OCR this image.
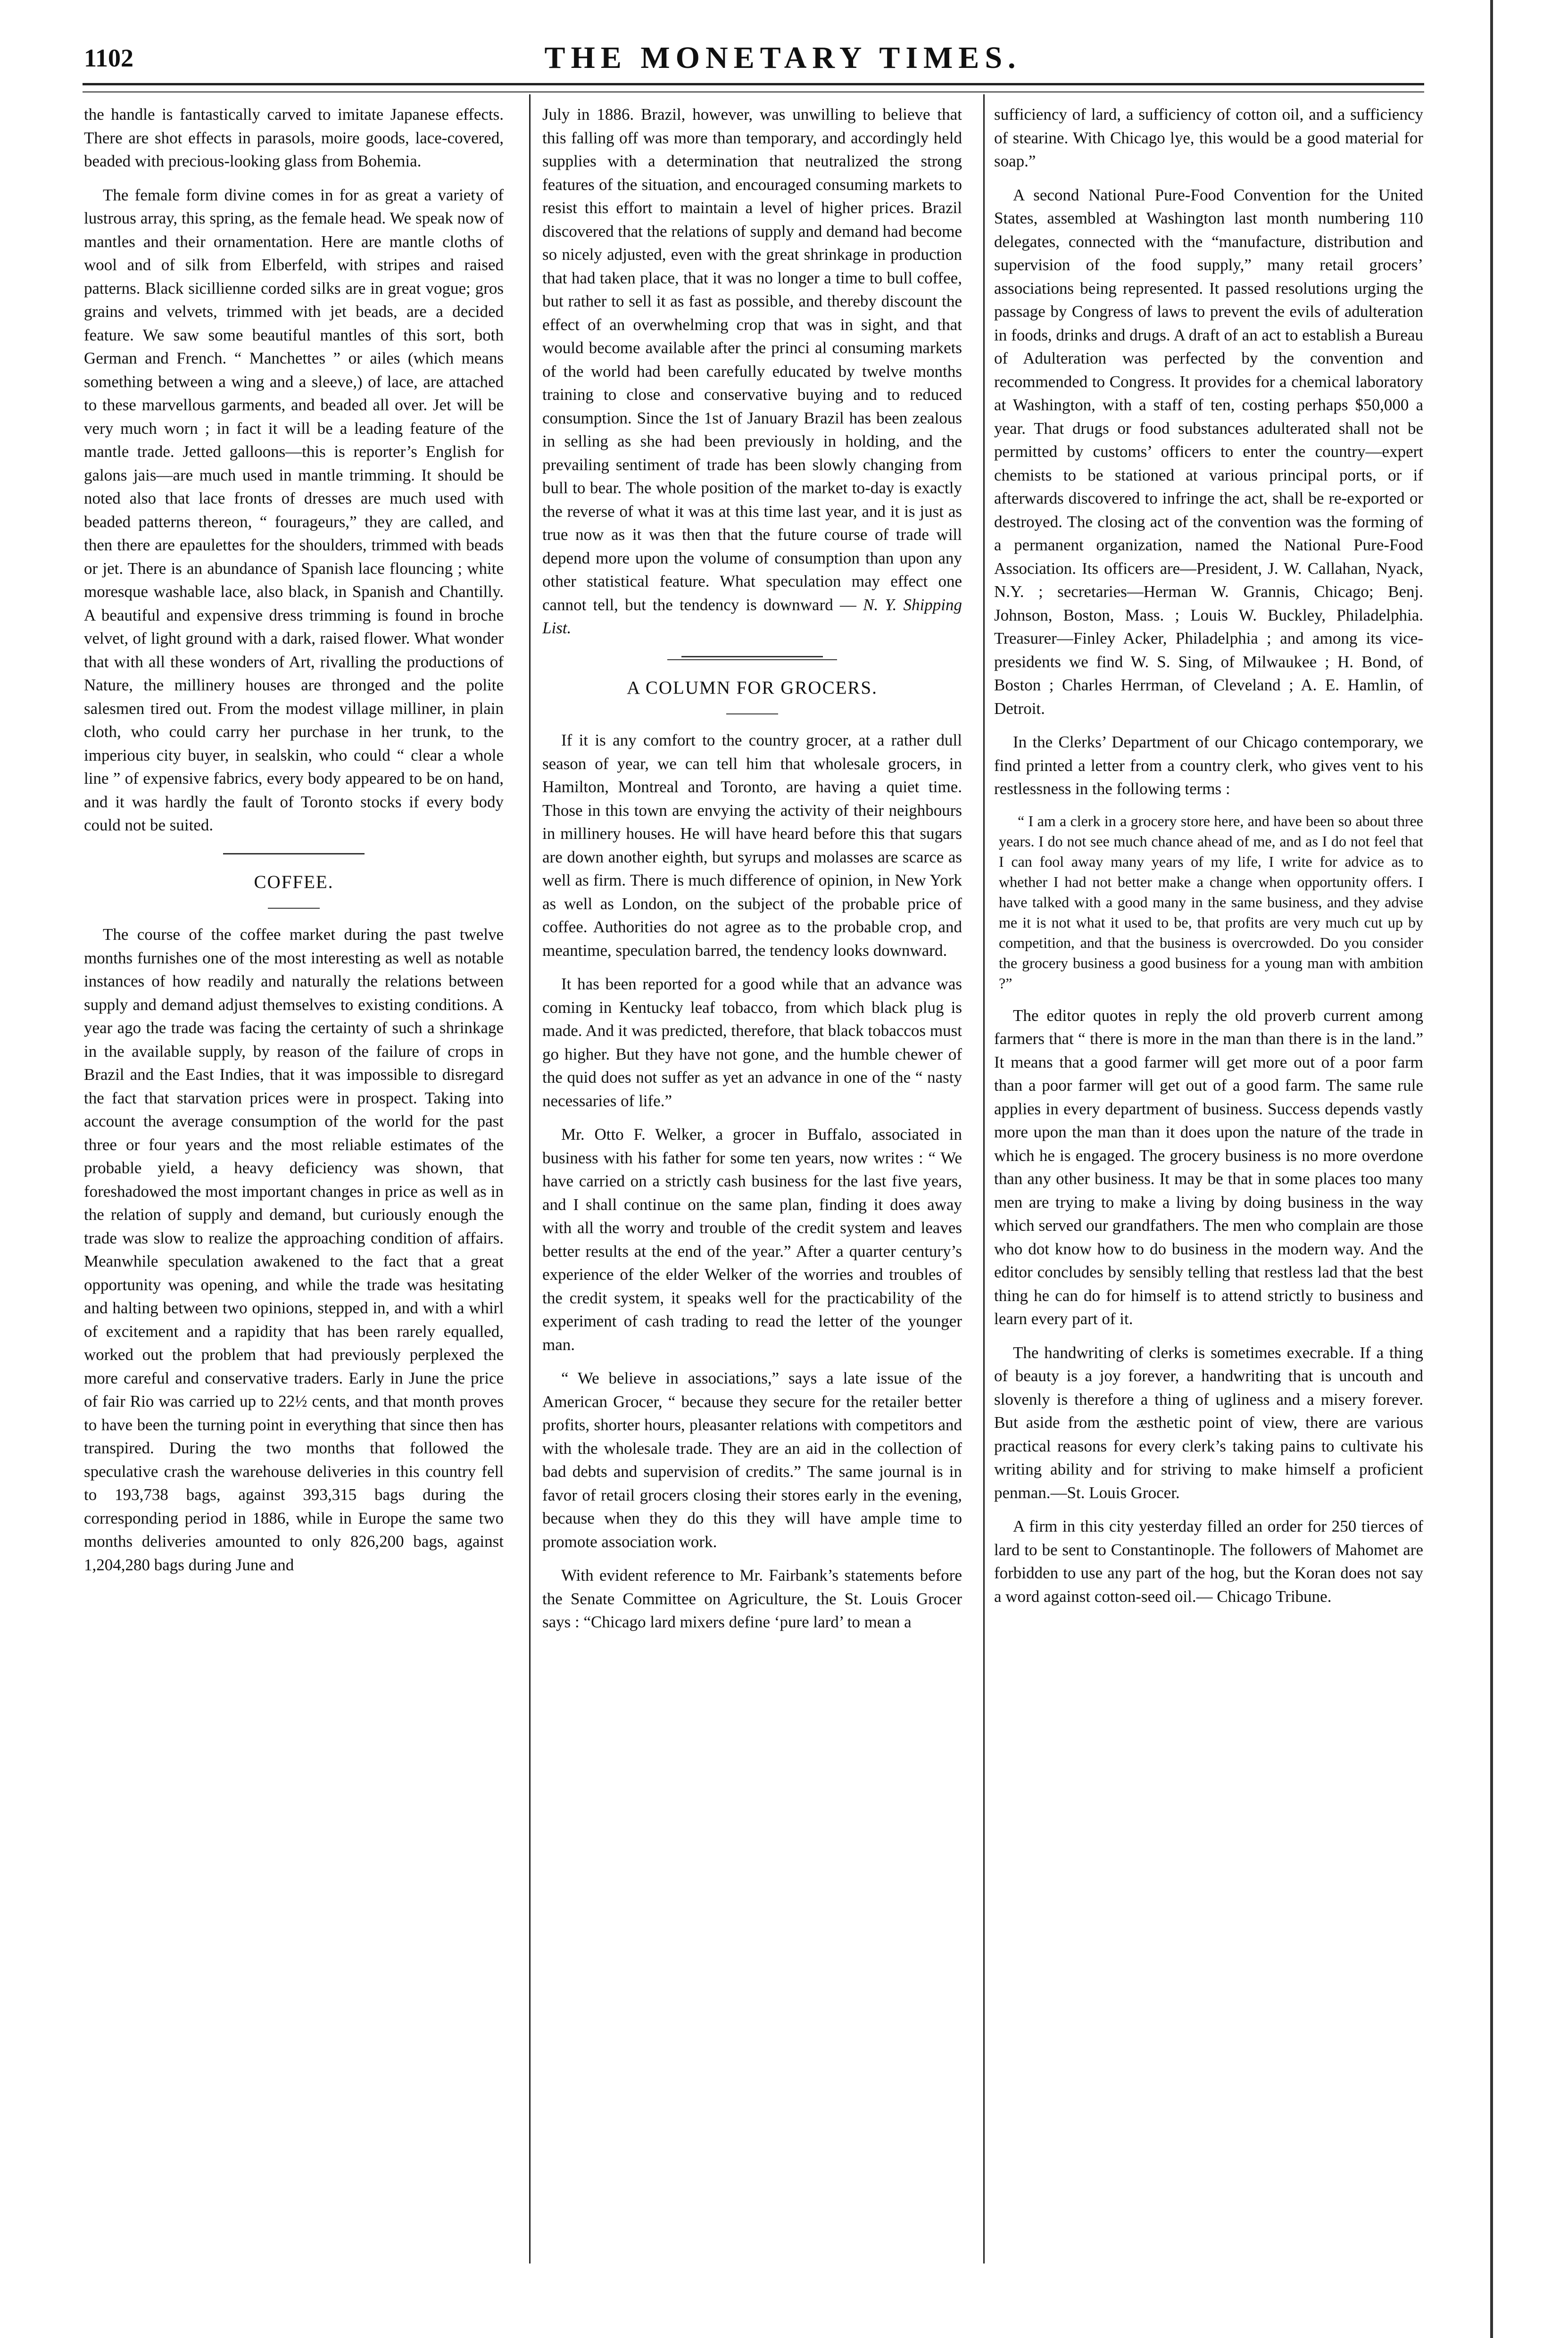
1102	THE MONETARY TIMES.

the handle is fantastically carved to imitate Japanese effects. There are shot effects in parasols, moire goods, lace-covered, beaded with precious-looking glass from Bohemia.

The female form divine comes in for as great a variety of lustrous array, this spring, as the female head. We speak now of mantles and their ornamentation. Here are mantle cloths of wool and of silk from Elberfeld, with stripes and raised patterns. Black sicillienne corded silks are in great vogue; gros grains and velvets, trimmed with jet beads, are a decided feature. We saw some beautiful mantles of this sort, both German and French. “ Manchettes ” or ailes (which means something between a wing and a sleeve,) of lace, are attached to these marvellous garments, and beaded all over. Jet will be very much worn ; in fact it will be a leading feature of the mantle trade. Jetted galloons—this is reporter’s English for galons jais—are much used in mantle trimming. It should be noted also that lace fronts of dresses are much used with beaded patterns thereon, “ fourageurs,” they are called, and then there are epaulettes for the shoulders, trimmed with beads or jet. There is an abundance of Spanish lace flouncing ; white moresque washable lace, also black, in Spanish and Chantilly. A beautiful and expensive dress trimming is found in broche velvet, of light ground with a dark, raised flower. What wonder that with all these wonders of Art, rivalling the productions of Nature, the millinery houses are thronged and the polite salesmen tired out. From the modest village milliner, in plain cloth, who could carry her purchase in her trunk, to the imperious city buyer, in sealskin, who could “ clear a whole line ” of expensive fabrics, every body appeared to be on hand, and it was hardly the fault of Toronto stocks if every body could not be suited.

COFFEE.

The course of the coffee market during the past twelve months furnishes one of the most interesting as well as notable instances of how readily and naturally the relations between supply and demand adjust themselves to existing conditions. A year ago the trade was facing the certainty of such a shrinkage in the available supply, by reason of the failure of crops in Brazil and the East Indies, that it was impossible to disregard the fact that starvation prices were in prospect. Taking into account the average consumption of the world for the past three or four years and the most reliable estimates of the probable yield, a heavy deficiency was shown, that foreshadowed the most important changes in price as well as in the relation of supply and demand, but curiously enough the trade was slow to realize the approaching condition of affairs. Meanwhile speculation awakened to the fact that a great opportunity was opening, and while the trade was hesitating and halting between two opinions, stepped in, and with a whirl of excitement and a rapidity that has been rarely equalled, worked out the problem that had previously perplexed the more careful and conservative traders. Early in June the price of fair Rio was carried up to 22½ cents, and that month proves to have been the turning point in everything that since then has transpired. During the two months that followed the speculative crash the warehouse deliveries in this country fell to 193,738 bags, against 393,315 bags during the corresponding period in 1886, while in Europe the same two months deliveries amounted to only 826,200 bags, against 1,204,280 bags during June and

July in 1886. Brazil, however, was unwilling to believe that this falling off was more than temporary, and accordingly held supplies with a determination that neutralized the strong features of the situation, and encouraged consuming markets to resist this effort to maintain a level of higher prices. Brazil discovered that the relations of supply and demand had become so nicely adjusted, even with the great shrinkage in production that had taken place, that it was no longer a time to bull coffee, but rather to sell it as fast as possible, and thereby discount the effect of an overwhelming crop that was in sight, and that would become available after the princi al consuming markets of the world had been carefully educated by twelve months training to close and conservative buying and to reduced consumption. Since the 1st of January Brazil has been zealous in selling as she had been previously in holding, and the prevailing sentiment of trade has been slowly changing from bull to bear. The whole position of the market to-day is exactly the reverse of what it was at this time last year, and it is just as true now as it was then that the future course of trade will depend more upon the volume of consumption than upon any other statistical feature. What speculation may effect one cannot tell, but the tendency is downward — N. Y. Shipping List.

A COLUMN FOR GROCERS.

If it is any comfort to the country grocer, at a rather dull season of year, we can tell him that wholesale grocers, in Hamilton, Montreal and Toronto, are having a quiet time. Those in this town are envying the activity of their neighbours in millinery houses. He will have heard before this that sugars are down another eighth, but syrups and molasses are scarce as well as firm. There is much difference of opinion, in New York as well as London, on the subject of the probable price of coffee. Authorities do not agree as to the probable crop, and meantime, speculation barred, the tendency looks downward.

It has been reported for a good while that an advance was coming in Kentucky leaf tobacco, from which black plug is made. And it was predicted, therefore, that black tobaccos must go higher. But they have not gone, and the humble chewer of the quid does not suffer as yet an advance in one of the “ nasty necessaries of life.”

Mr. Otto F. Welker, a grocer in Buffalo, associated in business with his father for some ten years, now writes : “ We have carried on a strictly cash business for the last five years, and I shall continue on the same plan, finding it does away with all the worry and trouble of the credit system and leaves better results at the end of the year.” After a quarter century’s experience of the elder Welker of the worries and troubles of the credit system, it speaks well for the practicability of the experiment of cash trading to read the letter of the younger man.

“ We believe in associations,” says a late issue of the American Grocer, “ because they secure for the retailer better profits, shorter hours, pleasanter relations with competitors and with the wholesale trade. They are an aid in the collection of bad debts and supervision of credits.” The same journal is in favor of retail grocers closing their stores early in the evening, because when they do this they will have ample time to promote association work.

With evident reference to Mr. Fairbank’s statements before the Senate Committee on Agriculture, the St. Louis Grocer says : “Chicago lard mixers define ‘pure lard’ to mean a

sufficiency of lard, a sufficiency of cotton oil, and a sufficiency of stearine. With Chicago lye, this would be a good material for soap.”

A second National Pure-Food Convention for the United States, assembled at Washington last month numbering 110 delegates, connected with the “manufacture, distribution and supervision of the food supply,” many retail grocers’ associations being represented. It passed resolutions urging the passage by Congress of laws to prevent the evils of adulteration in foods, drinks and drugs. A draft of an act to establish a Bureau of Adulteration was perfected by the convention and recommended to Congress. It provides for a chemical laboratory at Washington, with a staff of ten, costing perhaps $50,000 a year. That drugs or food substances adulterated shall not be permitted by customs’ officers to enter the country—expert chemists to be stationed at various principal ports, or if afterwards discovered to infringe the act, shall be re-exported or destroyed. The closing act of the convention was the forming of a permanent organization, named the National Pure-Food Association. Its officers are—President, J. W. Callahan, Nyack, N.Y. ; secretaries—Herman W. Grannis, Chicago; Benj. Johnson, Boston, Mass. ; Louis W. Buckley, Philadelphia. Treasurer—Finley Acker, Philadelphia ; and among its vice-presidents we find W. S. Sing, of Milwaukee ; H. Bond, of Boston ; Charles Herrman, of Cleveland ; A. E. Hamlin, of Detroit.

In the Clerks’ Department of our Chicago contemporary, we find printed a letter from a country clerk, who gives vent to his restlessness in the following terms :

“ I am a clerk in a grocery store here, and have been so about three years. I do not see much chance ahead of me, and as I do not feel that I can fool away many years of my life, I write for advice as to whether I had not better make a change when opportunity offers. I have talked with a good many in the same business, and they advise me it is not what it used to be, that profits are very much cut up by competition, and that the business is overcrowded. Do you consider the grocery business a good business for a young man with ambition ?”

The editor quotes in reply the old proverb current among farmers that “ there is more in the man than there is in the land.” It means that a good farmer will get more out of a poor farm than a poor farmer will get out of a good farm. The same rule applies in every department of business. Success depends vastly more upon the man than it does upon the nature of the trade in which he is engaged. The grocery business is no more overdone than any other business. It may be that in some places too many men are trying to make a living by doing business in the way which served our grandfathers. The men who complain are those who dot know how to do business in the modern way. And the editor concludes by sensibly telling that restless lad that the best thing he can do for himself is to attend strictly to business and learn every part of it.

The handwriting of clerks is sometimes execrable. If a thing of beauty is a joy forever, a handwriting that is uncouth and slovenly is therefore a thing of ugliness and a misery forever. But aside from the æsthetic point of view, there are various practical reasons for every clerk’s taking pains to cultivate his writing ability and for striving to make himself a proficient penman.—St. Louis Grocer.

A firm in this city yesterday filled an order for 250 tierces of lard to be sent to Constantinople. The followers of Mahomet are forbidden to use any part of the hog, but the Koran does not say a word against cotton-seed oil.— Chicago Tribune.
